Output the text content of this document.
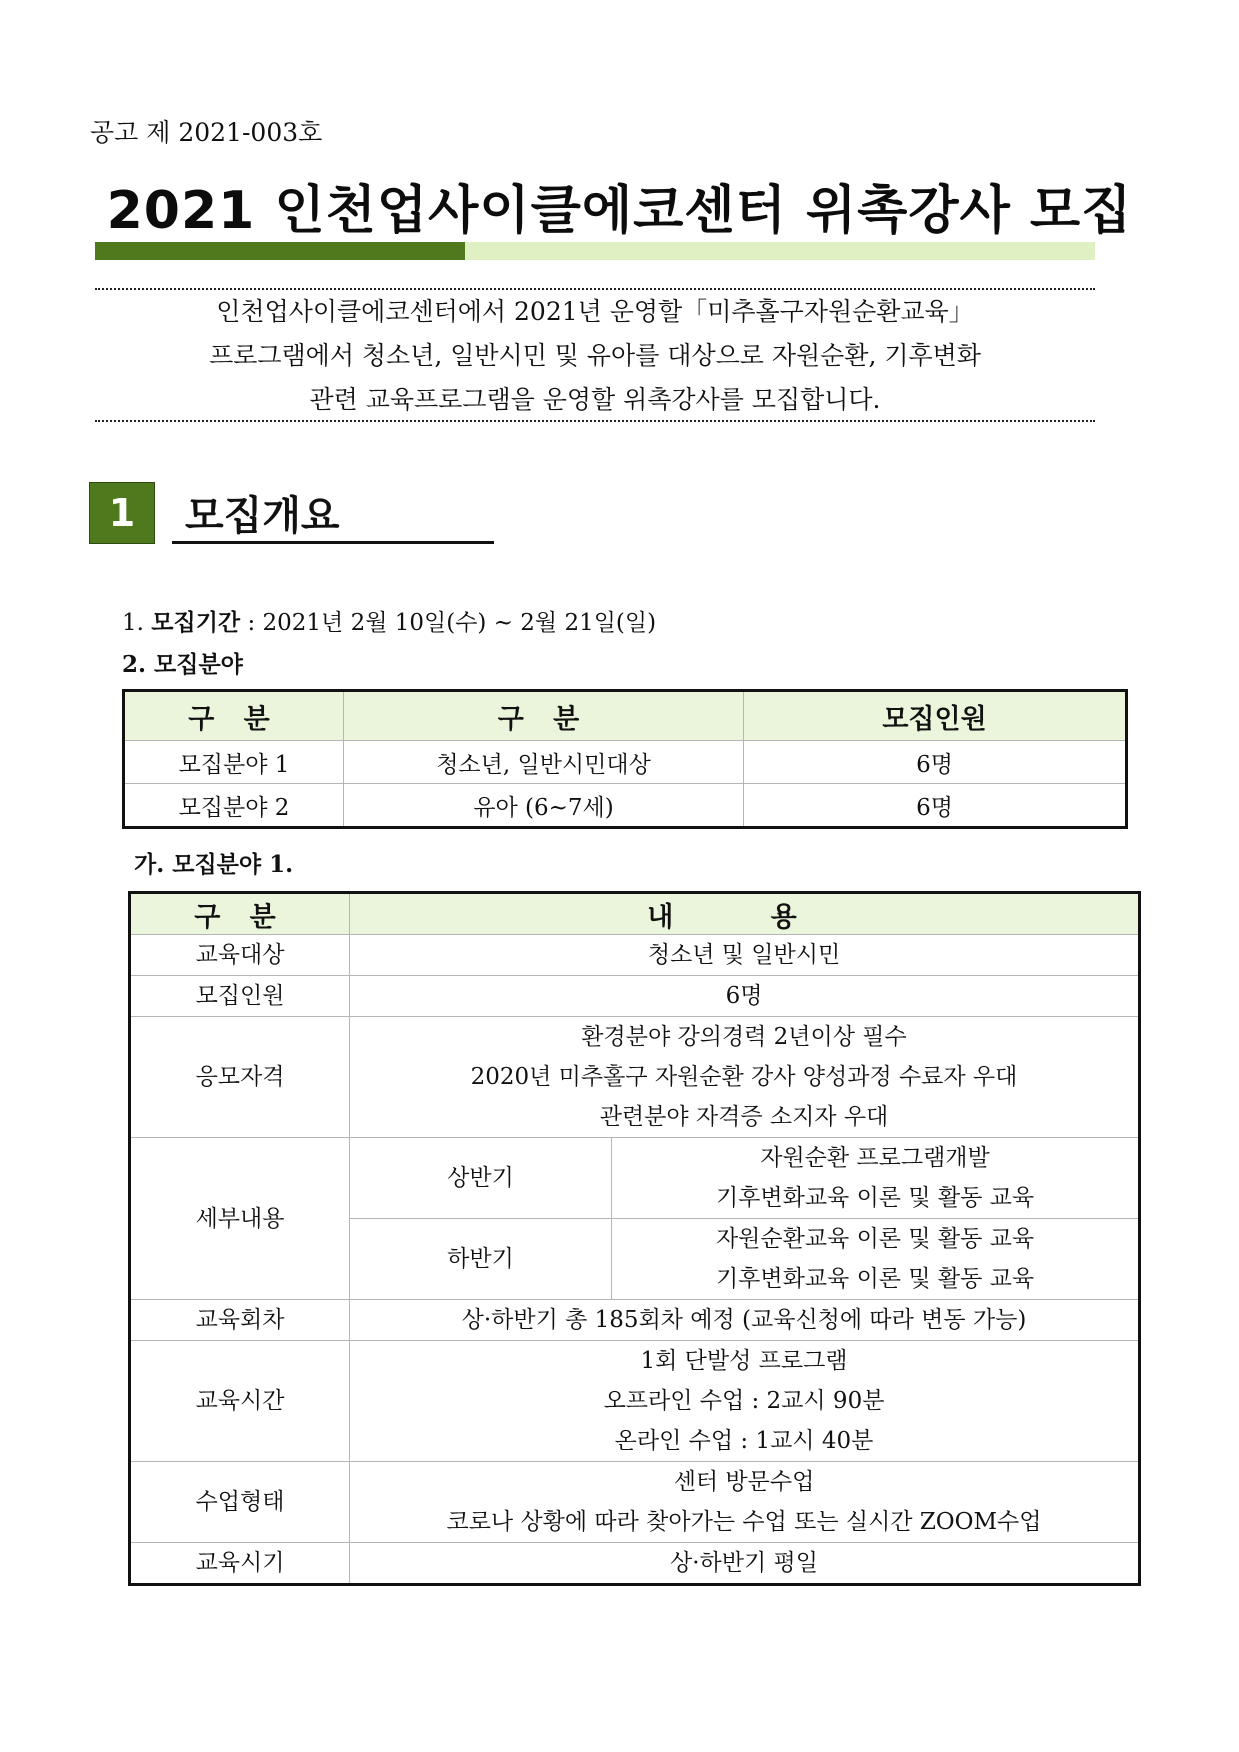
공고 제 2021-003호
2021 인천업사이클에코센터 위촉강사 모집

인천업사이클에코센터에서 2021년 운영할「미추홀구자원순환교육」

프로그램에서 청소년, 일반시민 및 유아를 대상으로 자원순환, 기후변화

관련 교육프로그램을 운영할 위촉강사를 모집합니다.

1	모집개요
1. 모집기간 : 2021년 2월 10일(수) ~ 2월 21일(일)
2. 모집분야
구 분	구 분	모집인원
모집분야 1	청소년, 일반시민대상	6명
모집분야 2	유아 (6~7세)	6명
가. 모집분야 1.
구 분	내 용	
교육대상	청소년 및 일반시민	
모집인원	6명	
응모자격	환경분야 강의경력 2년이상 필수
2020년 미추홀구 자원순환 강사 양성과정 수료자 우대
관련분야 자격증 소지자 우대	

세부내용	상반기	자원순환 프로그램개발
기후변화교육 이론 및 활동 교육

	하반기	자원순환교육 이론 및 활동 교육
기후변화교육 이론 및 활동 교육

교육회차	상·하반기 총 185회차 예정 (교육신청에 따라 변동 가능)	
교육시간	1회 단발성 프로그램
오프라인 수업 : 2교시 90분
온라인 수업 : 1교시 40분	

수업형태	센터 방문수업
코로나 상황에 따라 찾아가는 수업 또는 실시간 ZOOM수업	

교육시기	상·하반기 평일	
